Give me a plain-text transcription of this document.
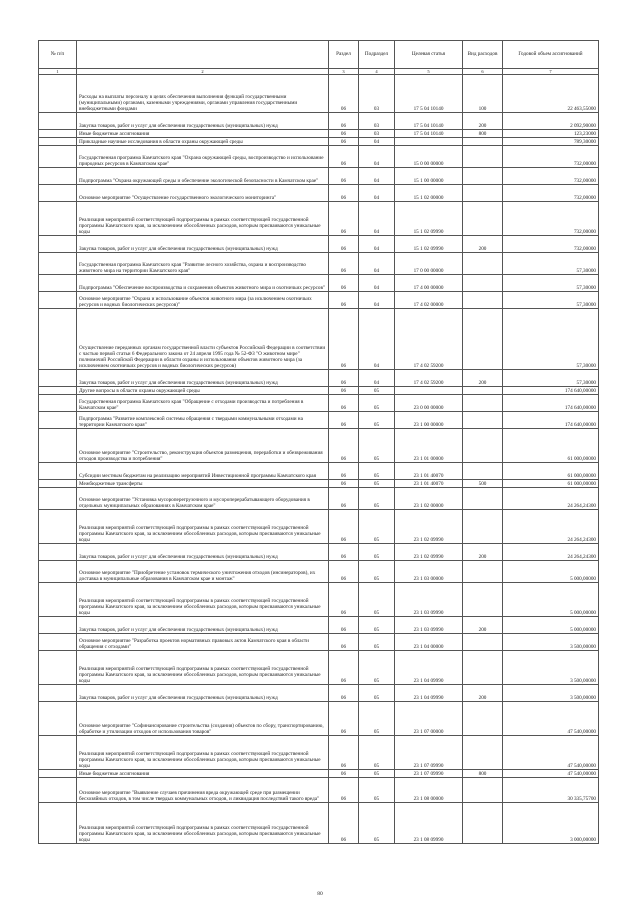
№ п/п		Раздел	Подраздел	Целевая статья	Вид расходов	Годовой объем ассигнований
1	2	3	4	5	6	7
	Расходы на выплаты персоналу в целях обеспечения выполнения функций государственными (муниципальными) органами, казенными учреждениями, органами управления государственными внебюджетными фондами	06	03	17 5 04 10140	100	22 463,55000
	Закупка товаров, работ и услуг для обеспечения государственных (муниципальных) нужд	06	03	17 5 04 10140	200	2 092,90000
	Иные бюджетные ассигнования	06	03	17 5 04 10140	800	123,23000
	Прикладные научные исследования в области охраны окружающей среды	06	04			789,30000
	Государственная программа Камчатского края "Охрана окружающей среды, воспроизводство и использование природных ресурсов в Камчатском крае"	06	04	15 0 00 00000		732,00000
	Подпрограмма "Охрана окружающей среды и обеспечение экологической безопасности в Камчатском крае"	06	04	15 1 00 00000		732,00000
	Основное мероприятие "Осуществление государственного экологического мониторинга"	06	04	15 1 02 00000		732,00000
	Реализация мероприятий соответствующей подпрограммы в рамках соответствующей государственной программы Камчатского края, за исключением обособленных расходов, которым присваиваются уникальные коды	06	04	15 1 02 09990		732,00000
	Закупка товаров, работ и услуг для обеспечения государственных (муниципальных) нужд	06	04	15 1 02 09990	200	732,00000
	Государственная программа Камчатского края "Развитие лесного хозяйства, охрана и воспроизводство животного мира на территории Камчатского края"	06	04	17 0 00 00000		57,30000
	Подпрограмма "Обеспечение воспроизводства и сохранения объектов животного мира и охотничьих ресурсов"	06	04	17 4 00 00000		57,30000
	Основное мероприятие "Охрана и использование объектов животного мира (за исключением охотничьих ресурсов и водных биологических ресурсов)"	06	04	17 4 02 00000		57,30000
	Осуществление переданных органам государственной власти субъектов Российской Федерации в соответствии с частью первой статьи 6 Федерального закона от 24 апреля 1995 года № 52-ФЗ "О животном мире" полномочий Российской Федерации в области охраны и использования объектов животного мира (за исключением охотничьих ресурсов и водных биологических ресурсов)	06	04	17 4 02 59200		57,30000
	Закупка товаров, работ и услуг для обеспечения государственных (муниципальных) нужд	06	04	17 4 02 59200	200	57,30000
	Другие вопросы в области охраны окружающей среды	06	05			174 640,00000
	Государственная программа Камчатского края "Обращение с отходами производства и потребления в Камчатском крае"	06	05	23 0 00 00000		174 640,00000
	Подпрограмма "Развитие комплексной системы обращения с твердыми коммунальными отходами на территории Камчатского края"	06	05	23 1 00 00000		174 640,00000
	Основное мероприятие "Строительство, реконструкция объектов размещения, переработки и обезвреживания отходов производства и потребления"	06	05	23 1 01 00000		61 000,00000
	Субсидии местным бюджетам на реализацию мероприятий Инвестиционной программы Камчатского края	06	05	23 1 01 40070		61 000,00000
	Межбюджетные трансферты	06	05	23 1 01 40070	500	61 000,00000
	Основное мероприятие "Установка мусороперегрузочного и мусороперерабатывающего оборудования в отдельных муниципальных образованиях в Камчатском крае"	06	05	23 1 02 00000		24 264,24300
	Реализация мероприятий соответствующей подпрограммы в рамках соответствующей государственной программы Камчатского края, за исключением обособленных расходов, которым присваиваются уникальные коды	06	05	23 1 02 09990		24 264,24300
	Закупка товаров, работ и услуг для обеспечения государственных (муниципальных) нужд	06	05	23 1 02 09990	200	24 264,24300
	Основное мероприятие "Приобретение установок термического уничтожения отходов (инсинераторов), их доставка в муниципальные образования в Камчатском крае и монтаж"	06	05	23 1 03 00000		5 000,00000
	Реализация мероприятий соответствующей подпрограммы в рамках соответствующей государственной программы Камчатского края, за исключением обособленных расходов, которым присваиваются уникальные коды	06	05	23 1 03 09990		5 000,00000
	Закупка товаров, работ и услуг для обеспечения государственных (муниципальных) нужд	06	05	23 1 03 09990	200	5 000,00000
	Основное мероприятие "Разработка проектов нормативных правовых актов Камчатского края в области обращения с отходами"	06	05	23 1 04 00000		3 500,00000
	Реализация мероприятий соответствующей подпрограммы в рамках соответствующей государственной программы Камчатского края, за исключением обособленных расходов, которым присваиваются уникальные коды	06	05	23 1 04 09990		3 500,00000
	Закупка товаров, работ и услуг для обеспечения государственных (муниципальных) нужд	06	05	23 1 04 09990	200	3 500,00000
	Основное мероприятие "Софинансирование строительства (создания) объектов по сбору, транспортированию, обработке и утилизации отходов от использования товаров"	06	05	23 1 07 00000		47 540,00000
	Реализация мероприятий соответствующей подпрограммы в рамках соответствующей государственной программы Камчатского края, за исключением обособленных расходов, которым присваиваются уникальные коды	06	05	23 1 07 09990		47 540,00000
	Иные бюджетные ассигнования	06	05	23 1 07 09990	800	47 540,00000
	Основное мероприятие "Выявление случаев причинения вреда окружающей среде при размещении бесхозяйных отходов, в том числе твердых коммунальных отходов, и ликвидация последствий такого вреда"	06	05	23 1 08 00000		30 335,75700
	Реализация мероприятий соответствующей подпрограммы в рамках соответствующей государственной программы Камчатского края, за исключением обособленных расходов, которым присваиваются уникальные коды	06	05	23 1 08 09990		3 000,00000
80
